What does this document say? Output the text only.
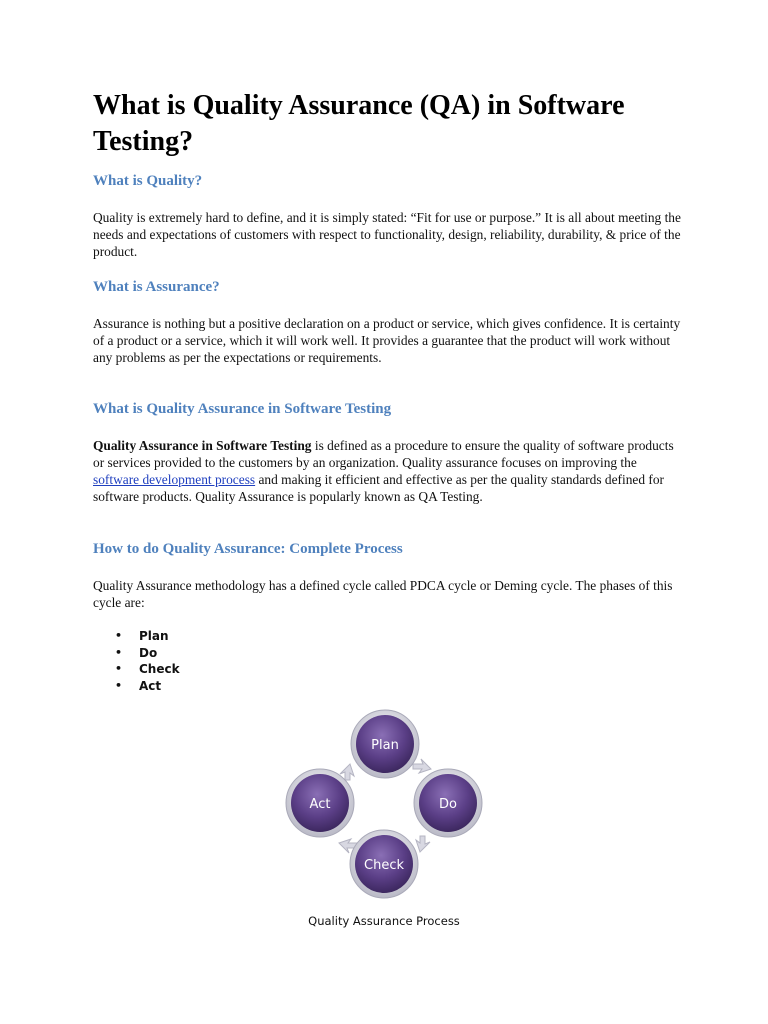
What is Quality Assurance (QA) in Software Testing?
What is Quality?

Quality is extremely hard to define, and it is simply stated: “Fit for use or purpose.” It is all about meeting the needs and expectations of customers with respect to functionality, design, reliability, durability, & price of the product.

What is Assurance?

Assurance is nothing but a positive declaration on a product or service, which gives confidence. It is certainty of a product or a service, which it will work well. It provides a guarantee that the product will work without any problems as per the expectations or requirements.

What is Quality Assurance in Software Testing

Quality Assurance in Software Testing is defined as a procedure to ensure the quality of software products or services provided to the customers by an organization. Quality assurance focuses on improving the software development process and making it efficient and effective as per the quality standards defined for software products. Quality Assurance is popularly known as QA Testing.

How to do Quality Assurance: Complete Process

Quality Assurance methodology has a defined cycle called PDCA cycle or Deming cycle. The phases of this cycle are:

• Plan
• Do
• Check
• Act
Plan
Do
Check
Act
Quality Assurance Process
